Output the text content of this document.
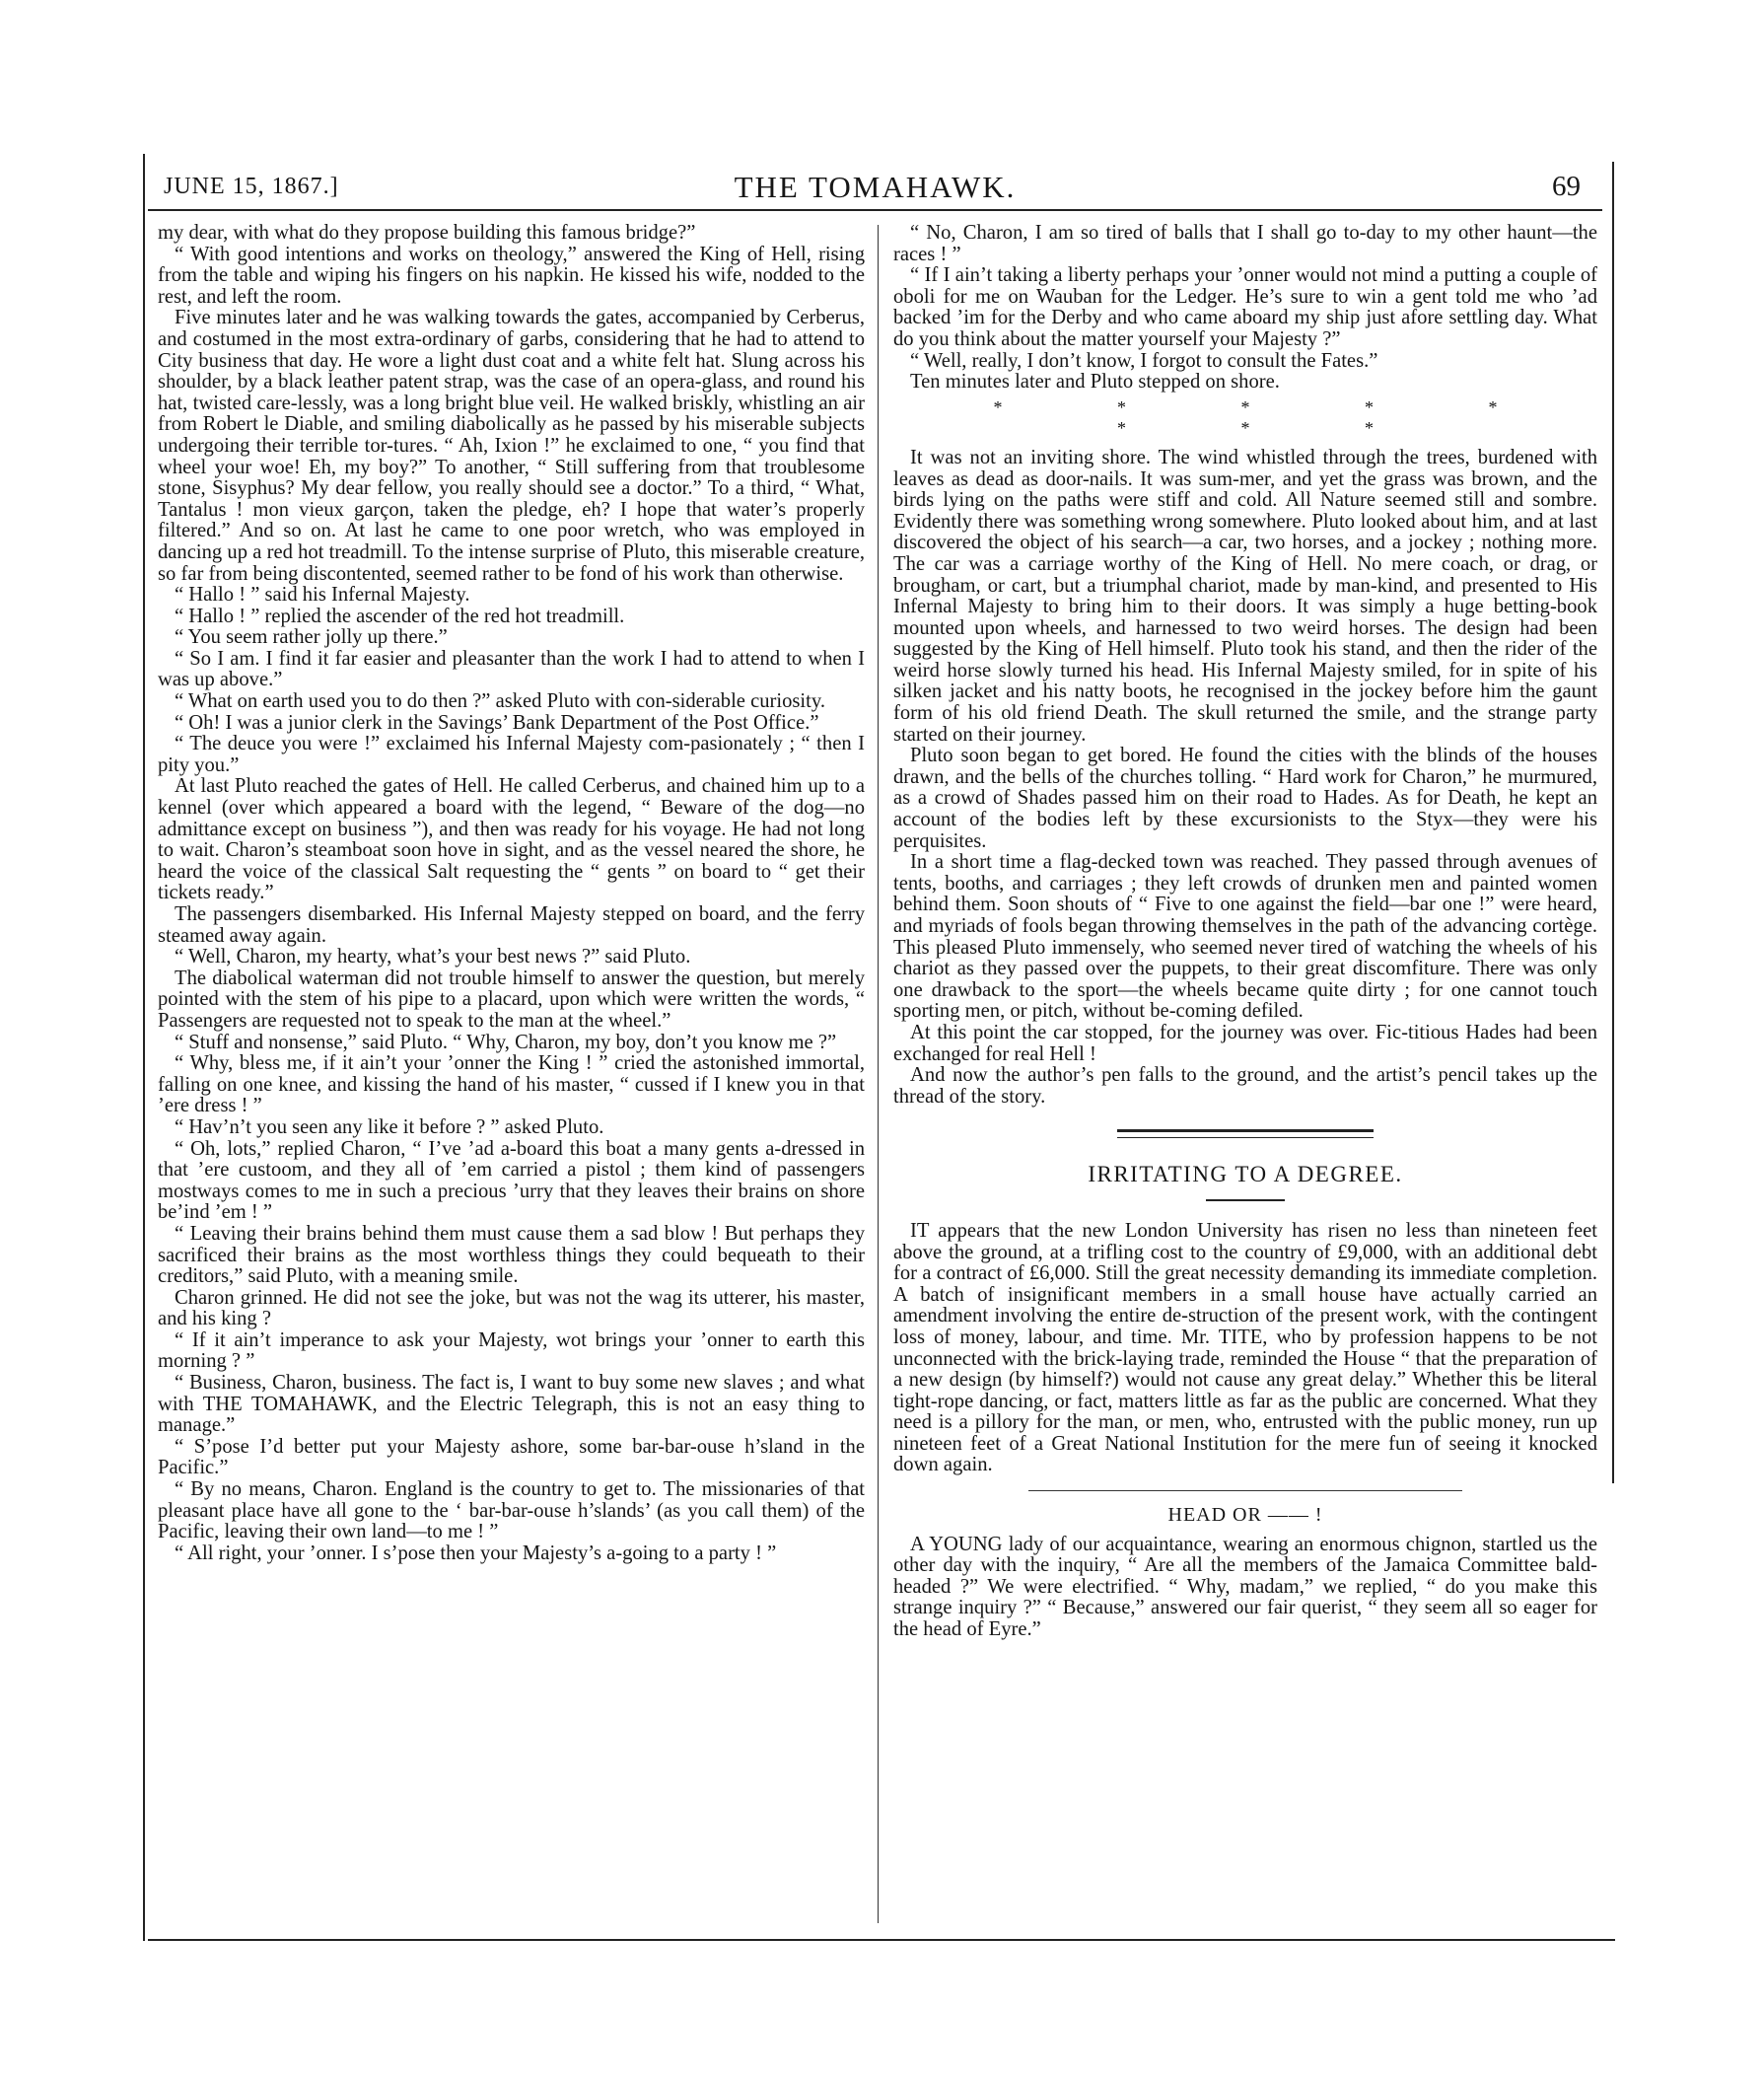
JUNE 15, 1867.]	THE TOMAHAWK.	69

my dear, with what do they propose building this famous bridge?”

“ With good intentions and works on theology,” answered the King of Hell, rising from the table and wiping his fingers on his napkin. He kissed his wife, nodded to the rest, and left the room.

Five minutes later and he was walking towards the gates, accompanied by Cerberus, and costumed in the most extra-ordinary of garbs, considering that he had to attend to City business that day. He wore a light dust coat and a white felt hat. Slung across his shoulder, by a black leather patent strap, was the case of an opera-glass, and round his hat, twisted care-lessly, was a long bright blue veil. He walked briskly, whistling an air from Robert le Diable, and smiling diabolically as he passed by his miserable subjects undergoing their terrible tor-tures. “ Ah, Ixion !” he exclaimed to one, “ you find that wheel your woe! Eh, my boy?” To another, “ Still suffering from that troublesome stone, Sisyphus? My dear fellow, you really should see a doctor.” To a third, “ What, Tantalus ! mon vieux garçon, taken the pledge, eh? I hope that water’s properly filtered.” And so on. At last he came to one poor wretch, who was employed in dancing up a red hot treadmill. To the intense surprise of Pluto, this miserable creature, so far from being discontented, seemed rather to be fond of his work than otherwise.

“ Hallo ! ” said his Infernal Majesty.

“ Hallo ! ” replied the ascender of the red hot treadmill.

“ You seem rather jolly up there.”

“ So I am. I find it far easier and pleasanter than the work I had to attend to when I was up above.”

“ What on earth used you to do then ?” asked Pluto with con-siderable curiosity.

“ Oh! I was a junior clerk in the Savings’ Bank Department of the Post Office.”

“ The deuce you were !” exclaimed his Infernal Majesty com-pasionately ; “ then I pity you.”

At last Pluto reached the gates of Hell. He called Cerberus, and chained him up to a kennel (over which appeared a board with the legend, “ Beware of the dog—no admittance except on business ”), and then was ready for his voyage. He had not long to wait. Charon’s steamboat soon hove in sight, and as the vessel neared the shore, he heard the voice of the classical Salt requesting the “ gents ” on board to “ get their tickets ready.”

The passengers disembarked. His Infernal Majesty stepped on board, and the ferry steamed away again.

“ Well, Charon, my hearty, what’s your best news ?” said Pluto.

The diabolical waterman did not trouble himself to answer the question, but merely pointed with the stem of his pipe to a placard, upon which were written the words, “ Passengers are requested not to speak to the man at the wheel.”

“ Stuff and nonsense,” said Pluto. “ Why, Charon, my boy, don’t you know me ?”

“ Why, bless me, if it ain’t your ’onner the King ! ” cried the astonished immortal, falling on one knee, and kissing the hand of his master, “ cussed if I knew you in that ’ere dress ! ”

“ Hav’n’t you seen any like it before ? ” asked Pluto.

“ Oh, lots,” replied Charon, “ I’ve ’ad a-board this boat a many gents a-dressed in that ’ere custoom, and they all of ’em carried a pistol ; them kind of passengers mostways comes to me in such a precious ’urry that they leaves their brains on shore be’ind ’em ! ”

“ Leaving their brains behind them must cause them a sad blow ! But perhaps they sacrificed their brains as the most worthless things they could bequeath to their creditors,” said Pluto, with a meaning smile.

Charon grinned. He did not see the joke, but was not the wag its utterer, his master, and his king ?

“ If it ain’t imperance to ask your Majesty, wot brings your ’onner to earth this morning ? ”

“ Business, Charon, business. The fact is, I want to buy some new slaves ; and what with THE TOMAHAWK, and the Electric Telegraph, this is not an easy thing to manage.”

“ S’pose I’d better put your Majesty ashore, some bar-bar-ouse h’sland in the Pacific.”

“ By no means, Charon. England is the country to get to. The missionaries of that pleasant place have all gone to the ‘ bar-bar-ouse h’slands’ (as you call them) of the Pacific, leaving their own land—to me ! ”

“ All right, your ’onner. I s’pose then your Majesty’s a-going to a party ! ”

“ No, Charon, I am so tired of balls that I shall go to-day to my other haunt—the races ! ”

“ If I ain’t taking a liberty perhaps your ’onner would not mind a putting a couple of oboli for me on Wauban for the Ledger. He’s sure to win a gent told me who ’ad backed ’im for the Derby and who came aboard my ship just afore settling day. What do you think about the matter yourself your Majesty ?”

“ Well, really, I don’t know, I forgot to consult the Fates.”

Ten minutes later and Pluto stepped on shore.

* * * * * * * *

It was not an inviting shore. The wind whistled through the trees, burdened with leaves as dead as door-nails. It was sum-mer, and yet the grass was brown, and the birds lying on the paths were stiff and cold. All Nature seemed still and sombre. Evidently there was something wrong somewhere. Pluto looked about him, and at last discovered the object of his search—a car, two horses, and a jockey ; nothing more. The car was a carriage worthy of the King of Hell. No mere coach, or drag, or brougham, or cart, but a triumphal chariot, made by man-kind, and presented to His Infernal Majesty to bring him to their doors. It was simply a huge betting-book mounted upon wheels, and harnessed to two weird horses. The design had been suggested by the King of Hell himself. Pluto took his stand, and then the rider of the weird horse slowly turned his head. His Infernal Majesty smiled, for in spite of his silken jacket and his natty boots, he recognised in the jockey before him the gaunt form of his old friend Death. The skull returned the smile, and the strange party started on their journey.

Pluto soon began to get bored. He found the cities with the blinds of the houses drawn, and the bells of the churches tolling. “ Hard work for Charon,” he murmured, as a crowd of Shades passed him on their road to Hades. As for Death, he kept an account of the bodies left by these excursionists to the Styx—they were his perquisites.

In a short time a flag-decked town was reached. They passed through avenues of tents, booths, and carriages ; they left crowds of drunken men and painted women behind them. Soon shouts of “ Five to one against the field—bar one !” were heard, and myriads of fools began throwing themselves in the path of the advancing cortège. This pleased Pluto immensely, who seemed never tired of watching the wheels of his chariot as they passed over the puppets, to their great discomfiture. There was only one drawback to the sport—the wheels became quite dirty ; for one cannot touch sporting men, or pitch, without be-coming defiled.

At this point the car stopped, for the journey was over. Fic-titious Hades had been exchanged for real Hell !

And now the author’s pen falls to the ground, and the artist’s pencil takes up the thread of the story.

IRRITATING TO A DEGREE.

IT appears that the new London University has risen no less than nineteen feet above the ground, at a trifling cost to the country of £9,000, with an additional debt for a contract of £6,000. Still the great necessity demanding its immediate completion. A batch of insignificant members in a small house have actually carried an amendment involving the entire de-struction of the present work, with the contingent loss of money, labour, and time. Mr. TITE, who by profession happens to be not unconnected with the brick-laying trade, reminded the House “ that the preparation of a new design (by himself?) would not cause any great delay.” Whether this be literal tight-rope dancing, or fact, matters little as far as the public are concerned. What they need is a pillory for the man, or men, who, entrusted with the public money, run up nineteen feet of a Great National Institution for the mere fun of seeing it knocked down again.

HEAD OR —— !

A YOUNG lady of our acquaintance, wearing an enormous chignon, startled us the other day with the inquiry, “ Are all the members of the Jamaica Committee bald-headed ?” We were electrified. “ Why, madam,” we replied, “ do you make this strange inquiry ?” “ Because,” answered our fair querist, “ they seem all so eager for the head of Eyre.”
